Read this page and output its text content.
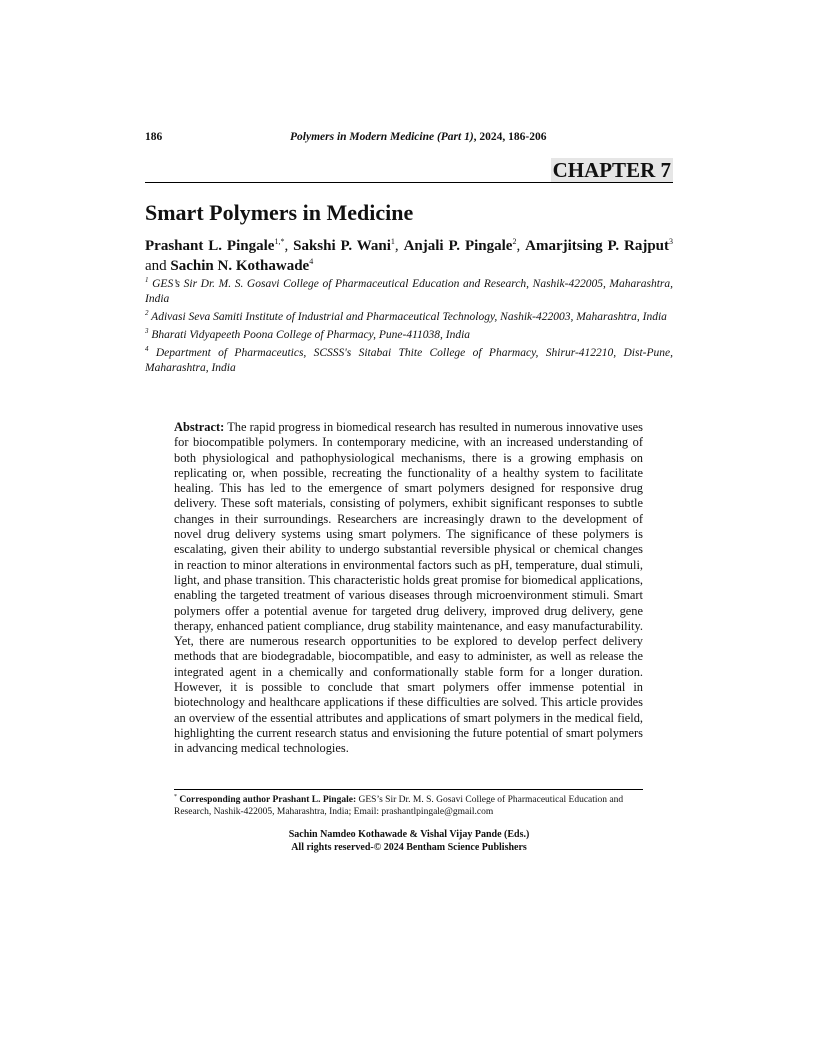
186	Polymers in Modern Medicine (Part 1), 2024, 186-206
CHAPTER 7
Smart Polymers in Medicine
Prashant L. Pingale$^{1,*}$, Sakshi P. Wani$^1$, Anjali P. Pingale$^2$, Amarjitsing P. Rajput$^3$ and Sachin N. Kothawade$^4$

$^1$ GES’s Sir Dr. M. S. Gosavi College of Pharmaceutical Education and Research, Nashik-422005, Maharashtra, India

$^2$ Adivasi Seva Samiti Institute of Industrial and Pharmaceutical Technology, Nashik-422003, Maharashtra, India

$^3$ Bharati Vidyapeeth Poona College of Pharmacy, Pune-411038, India

$^4$ Department of Pharmaceutics, SCSSS's Sitabai Thite College of Pharmacy, Shirur-412210, Dist-Pune, Maharashtra, India

Abstract: The rapid progress in biomedical research has resulted in numerous innovative uses for biocompatible polymers. In contemporary medicine, with an increased understanding of both physiological and pathophysiological mechanisms, there is a growing emphasis on replicating or, when possible, recreating the functionality of a healthy system to facilitate healing. This has led to the emergence of smart polymers designed for responsive drug delivery. These soft materials, consisting of polymers, exhibit significant responses to subtle changes in their surroundings. Researchers are increasingly drawn to the development of novel drug delivery systems using smart polymers. The significance of these polymers is escalating, given their ability to undergo substantial reversible physical or chemical changes in reaction to minor alterations in environmental factors such as pH, temperature, dual stimuli, light, and phase transition. This characteristic holds great promise for biomedical applications, enabling the targeted treatment of various diseases through microenvironment stimuli. Smart polymers offer a potential avenue for targeted drug delivery, improved drug delivery, gene therapy, enhanced patient compliance, drug stability maintenance, and easy manufacturability. Yet, there are numerous research opportunities to be explored to develop perfect delivery methods that are biodegradable, biocompatible, and easy to administer, as well as release the integrated agent in a chemically and conformationally stable form for a longer duration. However, it is possible to conclude that smart polymers offer immense potential in biotechnology and healthcare applications if these difficulties are solved. This article provides an overview of the essential attributes and applications of smart polymers in the medical field, highlighting the current research status and envisioning the future potential of smart polymers in advancing medical technologies.

* Corresponding author Prashant L. Pingale: GES’s Sir Dr. M. S. Gosavi College of Pharmaceutical Education and Research, Nashik-422005, Maharashtra, India; Email: prashantlpingale@gmail.com

Sachin Namdeo Kothawade & Vishal Vijay Pande (Eds.)
All rights reserved-© 2024 Bentham Science Publishers
